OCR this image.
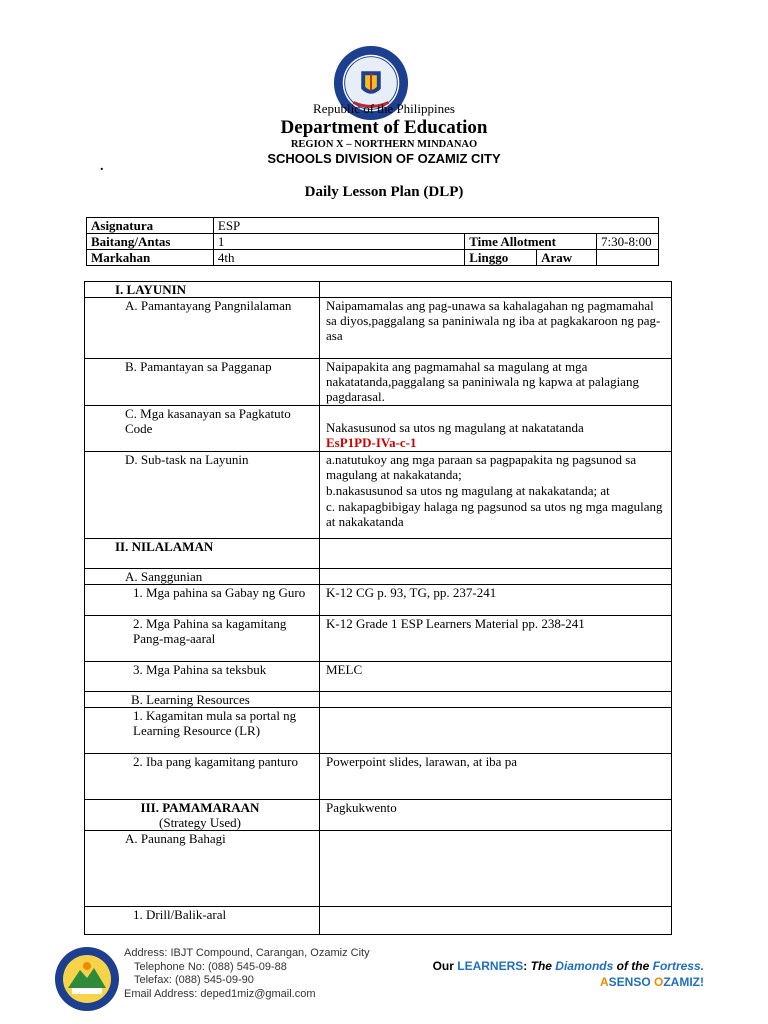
Republic of the Philippines
Department of Education
REGION X – NORTHERN MINDANAO
SCHOOLS DIVISION OF OZAMIZ CITY
.
Daily Lesson Plan (DLP)
Asignatura	ESP			
Baitang/Antas	1	Time Allotment		7:30-8:00
Markahan	4th	Linggo	Araw	
I. LAYUNIN	
A. Pamantayang Pangnilalaman	Naipamamalas ang pag-unawa sa kahalagahan ng pagmamahal sa diyos,paggalang sa paniniwala ng iba at pagkakaroon ng pag-asa
B. Pamantayan sa Pagganap	Naipapakita ang pagmamahal sa magulang at mga nakatatanda,paggalang sa paniniwala ng kapwa at palagiang pagdarasal.
C. Mga kasanayan sa Pagkatuto Code	Nakasusunod sa utos ng magulang at nakatatanda
EsP1PD-IVa-c-1

D. Sub-task na Layunin	a.natutukoy ang mga paraan sa pagpapakita ng pagsunod sa magulang at nakakatanda;
b.nakasusunod sa utos ng magulang at nakakatanda; at
c. nakapagbibigay halaga ng pagsunod sa utos ng mga magulang at nakakatanda

II. NILALAMAN	
A. Sanggunian	
1. Mga pahina sa Gabay ng Guro	K-12 CG p. 93, TG, pp. 237-241
2. Mga Pahina sa kagamitang Pang-mag-aaral	K-12 Grade 1 ESP Learners Material pp. 238-241
3. Mga Pahina sa teksbuk	MELC
B. Learning Resources	
1. Kagamitan mula sa portal ng Learning Resource (LR)	
2. Iba pang kagamitang panturo	Powerpoint slides, larawan, at iba pa

III. PAMAMARAAN
(Strategy Used)	Pagkukwento
A. Paunang Bahagi	
1. Drill/Balik-aral	
Address: IBJT Compound, Carangan, Ozamiz City
Telephone No: (088) 545-09-88
Telefax: (088) 545-09-90
Email Address: deped1miz@gmail.com
Our LEARNERS: The Diamonds of the Fortress.
ASENSO OZAMIZ!
